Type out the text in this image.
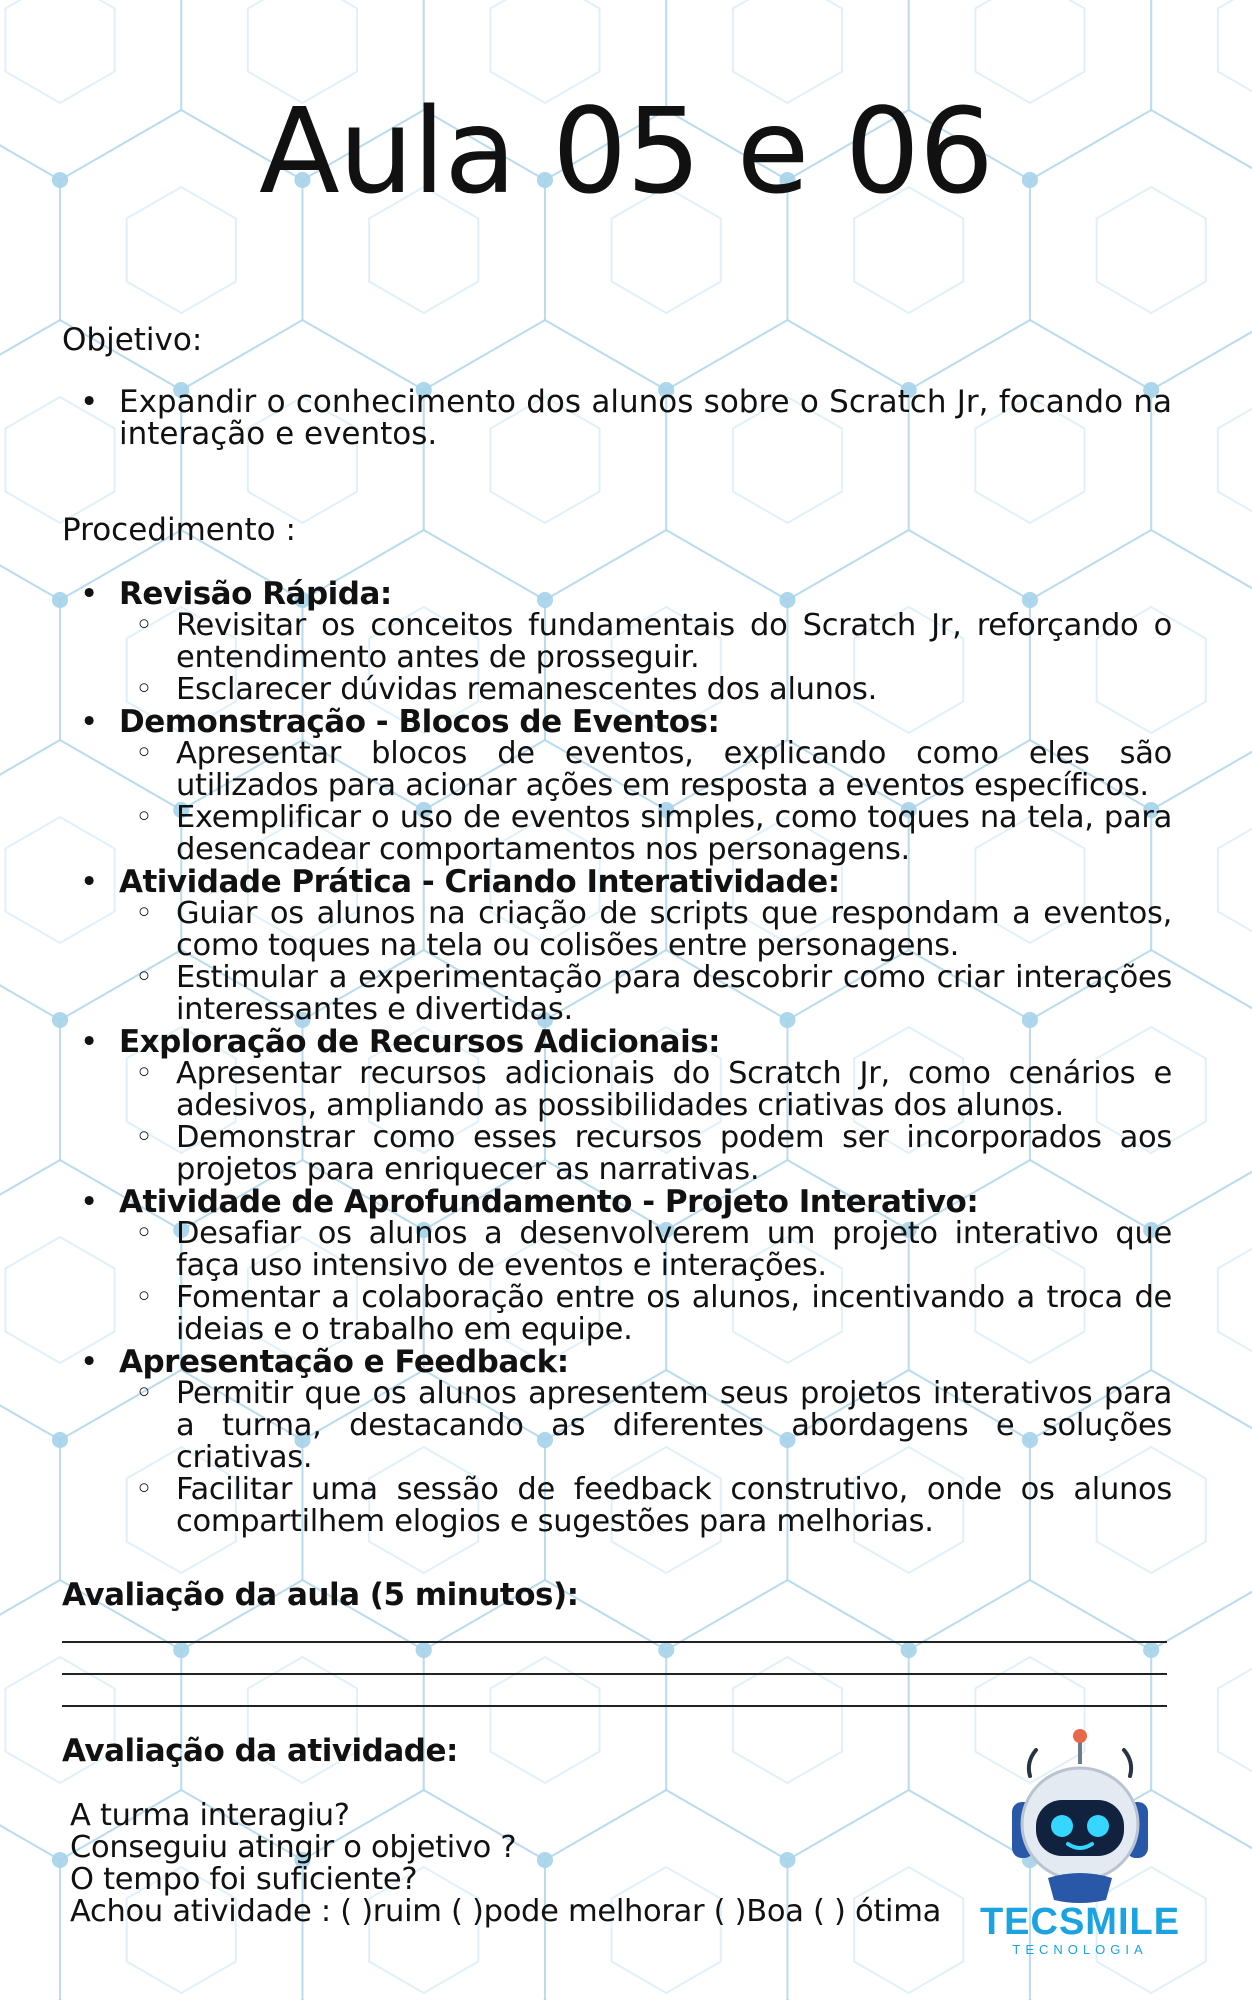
Aula 05 e 06

Objetivo:

• Expandir o conhecimento dos alunos sobre o Scratch Jr, focando na interação e eventos.

Procedimento :

• Revisão Rápida:
◦ Revisitar os conceitos fundamentais do Scratch Jr, reforçando o entendimento antes de prosseguir.
◦ Esclarecer dúvidas remanescentes dos alunos.
• Demonstração - Blocos de Eventos:
◦ Apresentar blocos de eventos, explicando como eles são utilizados para acionar ações em resposta a eventos específicos.
◦ Exemplificar o uso de eventos simples, como toques na tela, para desencadear comportamentos nos personagens.
• Atividade Prática - Criando Interatividade:
◦ Guiar os alunos na criação de scripts que respondam a eventos, como toques na tela ou colisões entre personagens.
◦ Estimular a experimentação para descobrir como criar interações interessantes e divertidas.
• Exploração de Recursos Adicionais:
◦ Apresentar recursos adicionais do Scratch Jr, como cenários e adesivos, ampliando as possibilidades criativas dos alunos.
◦ Demonstrar como esses recursos podem ser incorporados aos projetos para enriquecer as narrativas.
• Atividade de Aprofundamento - Projeto Interativo:
◦ Desafiar os alunos a desenvolverem um projeto interativo que faça uso intensivo de eventos e interações.
◦ Fomentar a colaboração entre os alunos, incentivando a troca de ideias e o trabalho em equipe.
• Apresentação e Feedback:
◦ Permitir que os alunos apresentem seus projetos interativos para a turma, destacando as diferentes abordagens e soluções criativas.
◦ Facilitar uma sessão de feedback construtivo, onde os alunos compartilhem elogios e sugestões para melhorias.

Avaliação da aula (5 minutos):

Avaliação da atividade:

A turma interagiu?
Conseguiu atingir o objetivo ?
O tempo foi suficiente?
Achou atividade : ( )ruim ( )pode melhorar ( )Boa ( ) ótima TECSMILE
TECNOLOGIA
